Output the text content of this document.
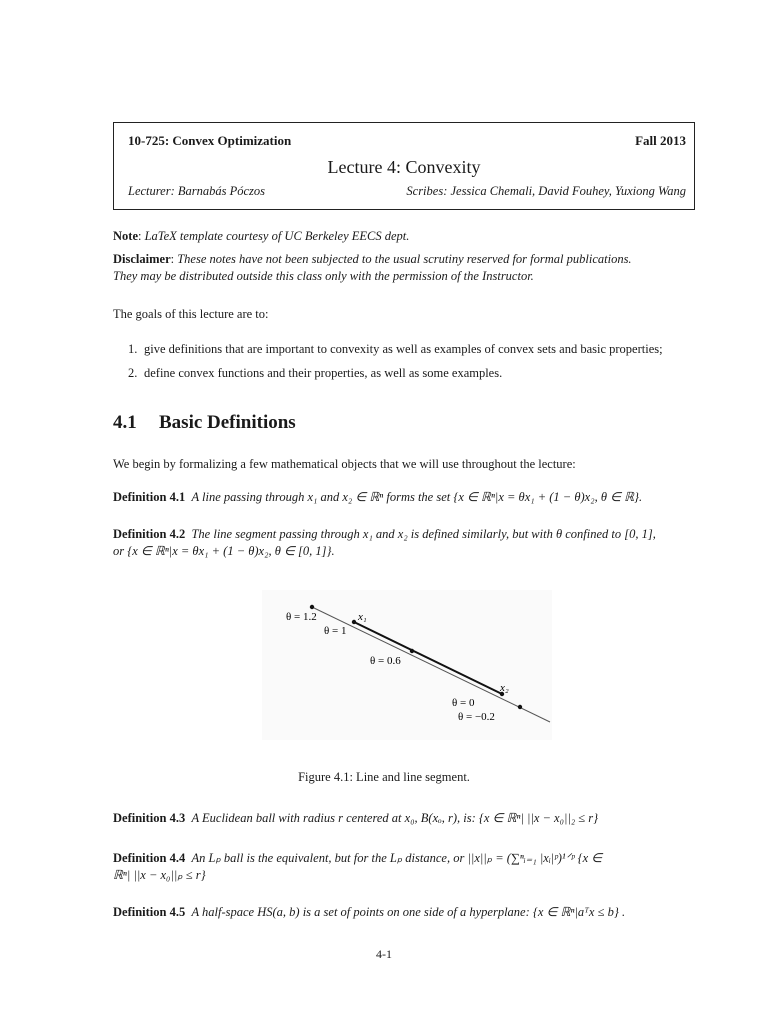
10-725: Convex Optimization	Fall 2013
Lecture 4: Convexity
Lecturer: Barnabás Póczos	Scribes: Jessica Chemali, David Fouhey, Yuxiong Wang
Note: LaTeX template courtesy of UC Berkeley EECS dept.
Disclaimer: These notes have not been subjected to the usual scrutiny reserved for formal publications.
They may be distributed outside this class only with the permission of the Instructor.
The goals of this lecture are to:
1. give definitions that are important to convexity as well as examples of convex sets and basic properties;
2. define convex functions and their properties, as well as some examples.
4.1 Basic Definitions
We begin by formalizing a few mathematical objects that we will use throughout the lecture:
Definition 4.1 A line passing through x₁ and x₂ ∈ ℝⁿ forms the set {x ∈ ℝⁿ|x = θx₁ + (1 − θ)x₂, θ ∈ ℝ}.
Definition 4.2 The line segment passing through x₁ and x₂ is defined similarly, but with θ confined to [0, 1],
or {x ∈ ℝⁿ|x = θx₁ + (1 − θ)x₂, θ ∈ [0, 1]}.
θ = 1.2	x₁
θ = 1
θ = 0.6
x₂
θ = 0
θ = −0.2
Figure 4.1: Line and line segment.
Definition 4.3 A Euclidean ball with radius r centered at x₀, B(xₒ, r), is: {x ∈ ℝⁿ| ||x − x₀||₂ ≤ r}
Definition 4.4 An Lₚ ball is the equivalent, but for the Lₚ distance, or ||x||ₚ = (∑ⁿᵢ₌₁ |xᵢ|ᵖ)¹ᐟᵖ {x ∈
ℝⁿ| ||x − x₀||ₚ ≤ r}
Definition 4.5 A half-space HS(a, b) is a set of points on one side of a hyperplane: {x ∈ ℝⁿ|aᵀx ≤ b} .
4-1
